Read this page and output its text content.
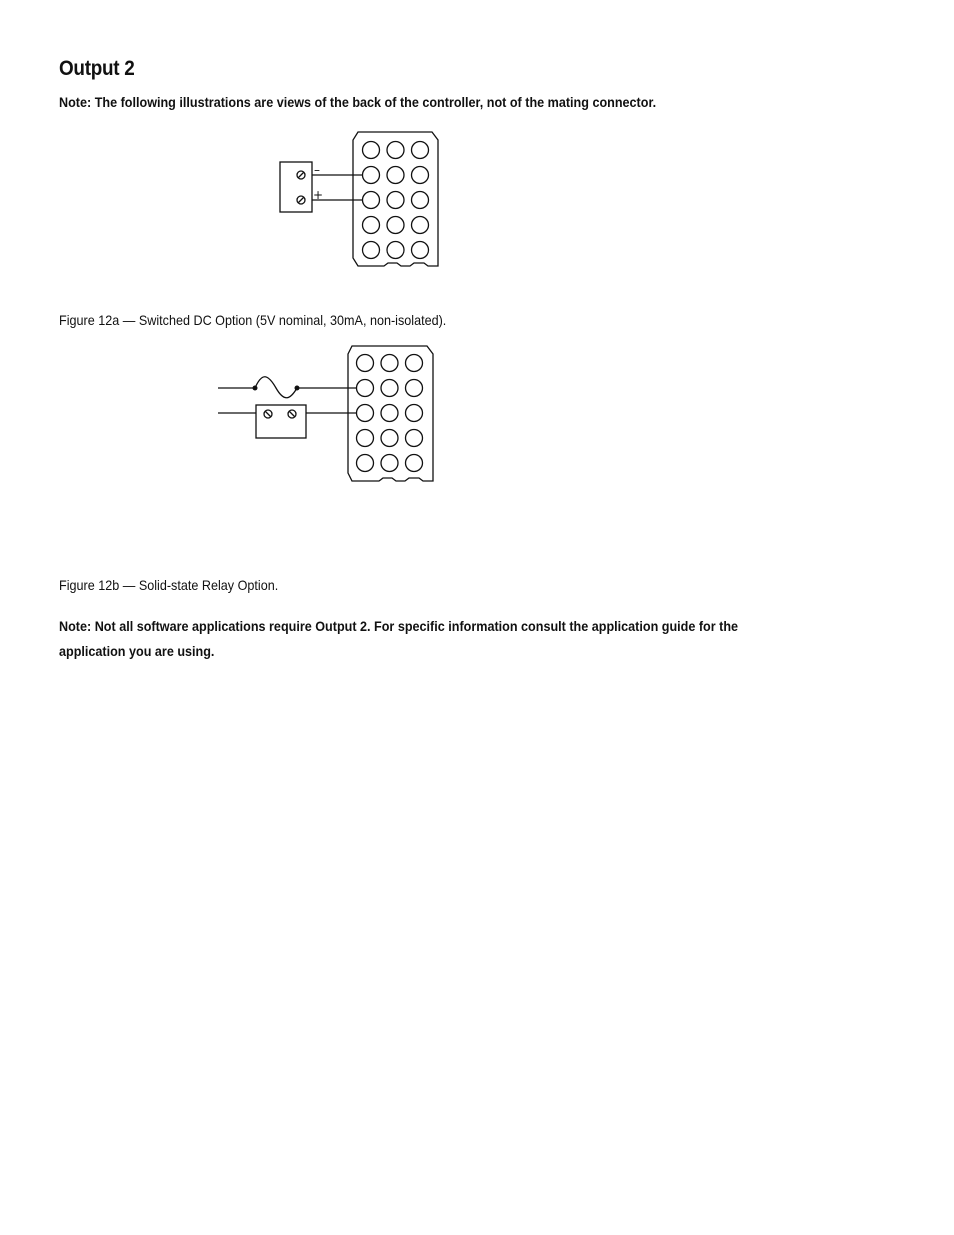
Output 2

Note: The following illustrations are views of the back of the controller, not of the mating connector.

–
+

Figure 12a — Switched DC Option (5V nominal, 30mA, non-isolated).

Figure 12b — Solid-state Relay Option.

Note: Not all software applications require Output 2. For specific information consult the application guide for the application you are using.
